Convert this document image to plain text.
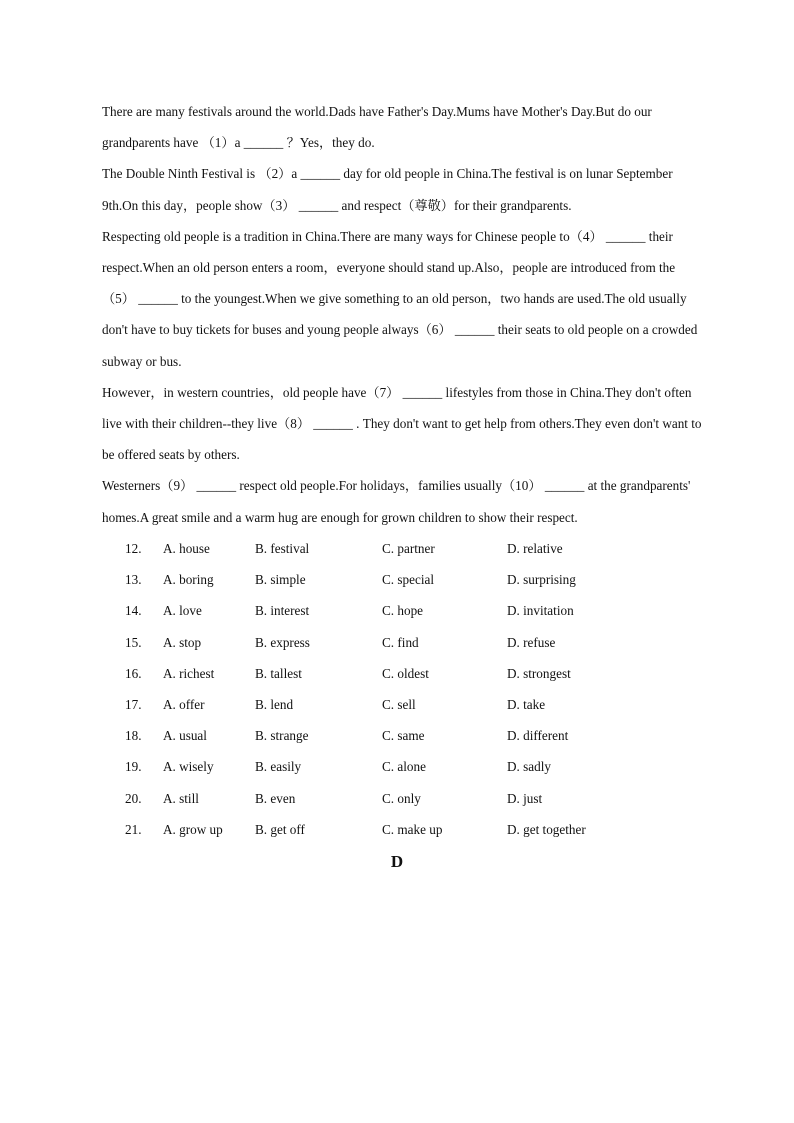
There are many festivals around the world.Dads have Father's Day.Mums have Mother's Day.But do our grandparents have （1）a ______ ？Yes，they do.

The Double Ninth Festival is （2）a ______ day for old people in China.The festival is on lunar September 9th.On this day，people show（3） ______ and respect（尊敬）for their grandparents.

Respecting old people is a tradition in China.There are many ways for Chinese people to（4） ______ their respect.When an old person enters a room，everyone should stand up.Also，people are introduced from the（5） ______ to the youngest.When we give something to an old person，two hands are used.The old usually don't have to buy tickets for buses and young people always（6） ______ their seats to old people on a crowded subway or bus.

However，in western countries，old people have（7） ______ lifestyles from those in China.They don't often live with their children--they live（8） ______ . They don't want to get help from others.They even don't want to be offered seats by others.

Westerners（9） ______ respect old people.For holidays，families usually（10） ______ at the grandparents' homes.A great smile and a warm hug are enough for grown children to show their respect.

12. A. house	B. festival	C. partner	D. relative
13. A. boring	B. simple	C. special	D. surprising
14. A. love	B. interest	C. hope	D. invitation
15. A. stop	B. express	C. find	D. refuse
16. A. richest	B. tallest	C. oldest	D. strongest
17. A. offer	B. lend	C. sell	D. take
18. A. usual	B. strange	C. same	D. different
19. A. wisely	B. easily	C. alone	D. sadly
20. A. still	B. even	C. only	D. just
21. A. grow up B. get off	C. make up	D. get together
D
